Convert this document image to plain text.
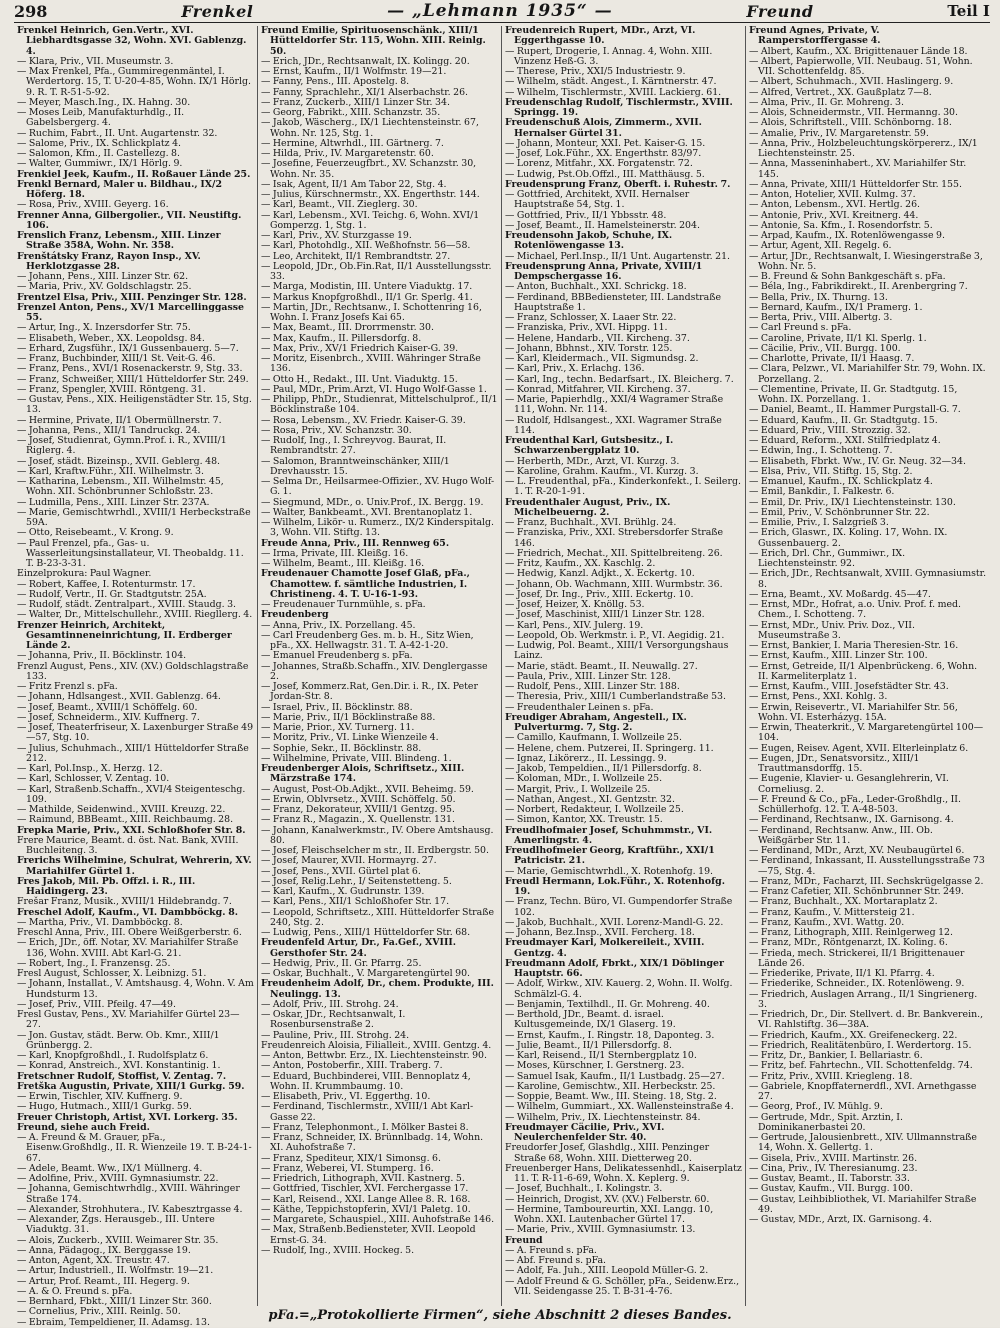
298	Frenkel	— „Lehmann 1935“ —	Freund	Teil I

Frenkel Heinrich, Gen.Vertr., XVI. Liebhardtsgasse 32, Wohn. XVI. Gablenzg. 4.

— Klara, Priv., VII. Museumstr. 3.

— Max Frenkel, Pfa., Gummiregenmäntel, I. Werdertorg. 15, T. U-20-4-85, Wohn. IX/1 Hörlg. 9. R. T. R-51-5-92.

— Meyer, Masch.Ing., IX. Hahng. 30.

— Moses Leib, Manufakturhdlg., II. Gabelsbergerg. 4.

— Ruchim, Fabrt., II. Unt. Augartenstr. 32.

— Salome, Priv., IX. Schlickplatz 4.

— Salomon, Kfm., II. Castellezg. 8.

— Walter, Gummiwr., IX/1 Hörlg. 9.

Frenkiel Jeek, Kaufm., II. Roßauer Lände 25.

Frenkl Bernard, Maler u. Bildhau., IX/2 Höferg. 18.

— Rosa, Priv., XVIII. Geyerg. 16.

Frenner Anna, Gilbergolier., VII. Neustiftg. 106.

Frenslich Franz, Lebensm., XIII. Linzer Straße 358A, Wohn. Nr. 358.

Frenštátsky Franz, Rayon Insp., XV. Herklotzgasse 28.

— Johann, Pens., XIII. Linzer Str. 62.

— Maria, Priv., XV. Goldschlagstr. 25.

Frentzel Elsa, Priv., XIII. Penzinger Str. 128.

Frenzel Anton, Pens., XV/1 Marcellinggasse 55.

— Artur, Ing., X. Inzersdorfer Str. 75.

— Elisabeth, Weber., XX. Leopoldsg. 84.

— Erhard, Zugsführ., IX/1 Gussenbauerg. 5—7.

— Franz, Buchbinder, XIII/1 St. Veit-G. 46.

— Franz, Pens., XVI/1 Rosenackerstr. 9, Stg. 33.

— Franz, Schweißer, XIII/1 Hütteldorfer Str. 249.

— Franz, Spengler, XVIII. Röntgeng. 31.

— Gustav, Pens., XIX. Heiligenstädter Str. 15, Stg. 13.

— Hermine, Private, II/1 Obermüllnerstr. 7.

— Johanna, Pens., XII/1 Tandruckg. 24.

— Josef, Studienrat, Gymn.Prof. i. R., XVIII/1 Riglerg. 4.

— Josef, städt. Bizeinsp., XVII. Geblerg. 48.

— Karl, Kraftw.Führ., XII. Wilhelmstr. 3.

— Katharina, Lebensm., XII. Wilhelmstr. 45, Wohn. XII. Schönbrunner Schloßstr. 23.

— Ludmilla, Pens., XIII. Linzer Str. 237A.

— Marie, Gemischtwrhdl., XVIII/1 Herbeckstraße 59A.

— Otto, Reisebeamt., V. Krong. 9.

— Paul Frenzel, pfa., Gas- u. Wasserleitungsinstallateur, VI. Theobaldg. 11. T. B-23-3-31.

Einzelprokura: Paul Wagner.

— Robert, Kaffee, I. Rotenturmstr. 17.

— Rudolf, Vertr., II. Gr. Stadtgutstr. 25A.

— Rudolf, städt. Zentralpart., XVIII. Staudg. 3.

— Walter, Dr., Mittelschullehr., XVIII. Riegllerg. 4.

Frenzer Heinrich, Architekt, Gesamtinneneinrichtung, II. Erdberger Lände 2.

— Johanna, Priv., II. Böcklinstr. 104.

Frenzl August, Pens., XIV. (XV.) Goldschlagstraße 133.

— Fritz Frenzl s. pFa.

— Johann, Hdlsangest., XVII. Gablenzg. 64.

— Josef, Beamt., XVIII/1 Schöffelg. 60.

— Josef, Schneiderm., XIV. Kuffnerg. 7.

— Josef, Theaterfriseur, X. Laxenburger Straße 49—57, Stg. 10.

— Julius, Schuhmach., XIII/1 Hütteldorfer Straße 212.

— Karl, Pol.Insp., X. Herzg. 12.

— Karl, Schlosser, V. Zentag. 10.

— Karl, Straßenb.Schaffn., XVI/4 Steigenteschg. 109.

— Mathilde, Seidenwind., XVIII. Kreuzg. 22.

— Raimund, BBBeamt., XIII. Reichbaumg. 28.

Frepka Marie, Priv., XXI. Schloßhofer Str. 8.

Frere Maurice, Beamt. d. öst. Nat. Bank, XVIII. Buchleiteng. 3.

Frerichs Wilhelmine, Schulrat, Wehrerin, XV. Mariahilfer Gürtel 1.

Fres Jakob, Mil. Pb. Offzl. i. R., III. Haidingerg. 23.

Frešar Franz, Musik., XVIII/1 Hildebrandg. 7.

Freschel Adolf, Kaufm., VI. Dambböckg. 8.

— Martha, Priv., VI. Dambböckg. 8.

Freschl Anna, Priv., III. Obere Weißgerberstr. 6.

— Erich, JDr., öff. Notar, XV. Mariahilfer Straße 136, Wohn. XVIII. Abt Karl-G. 21.

— Robert, Ing., I. Franzensg. 25.

Fresl August, Schlosser, X. Leibnizg. 51.

— Johann, Installat., V. Amtshausg. 4, Wohn. V. Am Hundsturm 13.

— Josef, Priv., VIII. Pfeilg. 47—49.

Fresl Gustav, Pens., XV. Mariahilfer Gürtel 23—27.

— Jon. Gustav, städt. Berw. Ob. Kmr., XIII/1 Grünbergg. 2.

— Karl, Knopfgroßhdl., I. Rudolfsplatz 6.

— Konrad, Anstreich., XVI. Konstantinig. 1.

Fretschner Rudolf, Stoffist, V. Zentag. 7.

Fretška Augustin, Private, XIII/1 Gurkg. 59.

— Erwin, Tischler, XIV. Kuffnerg. 9.

— Hugo, Hutmach., XIII/1 Gurkg. 59.

Freuer Christoph, Artist, XVI. Lorkerg. 35.

Freund, siehe auch Freid.

— A. Freund & M. Grauer, pFa., Eisenw.Großhdlg., II. R. Wienzeile 19. T. B-24-1-67.

— Adele, Beamt. Ww., IX/1 Müllnerg. 4.

— Adolfine, Priv., XVIII. Gymnasiumstr. 22.

— Johanna, Gemischtwrhdlg., XVIII. Währinger Straße 174.

— Alexander, Strohhutera., IV. Kabesztrgasse 4.

— Alexander, Zgs. Herausgeb., III. Untere Viaduktg. 31.

— Alois, Zuckerb., XVIII. Weimarer Str. 35.

— Anna, Pädagog., IX. Berggasse 19.

— Anton, Agent, XX. Treustr. 47.

— Artur, Industriell., II. Wolfmstr. 19—21.

— Artur, Prof. Reamt., III. Hegerg. 9.

— A. & O. Freund s. pFa.

— Bernhard, Fbkt., XIII/1 Linzer Str. 360.

— Cornelius, Priv., XIII. Reinlg. 50.

— Ebraim, Tempeldiener, II. Adamsg. 13.

Freund Emilie, Spirituosenschänk., XIII/1 Hütteldorfer Str. 115, Wohn. XIII. Reinlg. 50.

— Erich, JDr., Rechtsanwalt, IX. Kolingg. 20.

— Ernst, Kaufm., II/1 Wolfmstr. 19—21.

— Fanny, Pens., III. Apostelg. 8.

— Fanny, Sprachlehr., XI/1 Alserbachstr. 26.

— Franz, Zuckerb., XIII/1 Linzer Str. 34.

— Georg, Fabrikt., XIII. Schanzstr. 35.

— Jakob, Wäscherg., IX/1 Liechtensteinstr. 67, Wohn. Nr. 125, Stg. 1.

— Hermine, Altwrhdl., III. Gärtnerg. 7.

— Hilda, Priv., IV. Margaretenstr. 60.

— Josefine, Feuerzeugfbrt., XV. Schanzstr. 30, Wohn. Nr. 35.

— Isak, Agent, II/1 Am Tabor 22, Stg. 4.

— Julius, Kürschnermstr., XX. Engerthstr. 144.

— Karl, Beamt., VII. Zieglerg. 30.

— Karl, Lebensm., XVI. Teichg. 6, Wohn. XVI/1 Gomperzg. 1, Stg. 1.

— Karl, Priv., XV. Sturzgasse 19.

— Karl, Photohdlg., XII. Weßhofnstr. 56—58.

— Leo, Architekt, II/1 Rembrandtstr. 27.

— Leopold, JDr., Ob.Fin.Rat, II/1 Ausstellungsstr. 33.

— Marga, Modistin, III. Untere Viaduktg. 17.

— Markus Knopfgroßhdl., II/1 Gr. Sperlg. 41.

— Martin, JDr., Rechtsanw., I. Schottenring 16, Wohn. I. Franz Josefs Kai 65.

— Max, Beamt., III. Drorrmenstr. 30.

— Max, Kaufm., II. Pillersdorfg. 8.

— Max, Priv., XV/1 Friedrich Kaiser-G. 39.

— Moritz, Eisenbrch., XVIII. Währinger Straße 136.

— Otto H., Redakt., III. Unt. Viaduktg. 15.

— Paul, MDr., Prim.Arzt, VI. Hugo Wolf-Gasse 1.

— Philipp, PhDr., Studienrat, Mittelschulprof., II/1 Böcklinstraße 104.

— Rosa, Lebensm., XV. Friedr. Kaiser-G. 39.

— Rosa, Priv., XV. Schanzstr. 30.

— Rudolf, Ing., I. Schreyvog. Baurat, II. Rembrandtstr. 27.

— Salomon, Branntweinschänker, XIII/1 Drevhausstr. 15.

— Selma Dr., Heilsarmee-Offizier., XV. Hugo Wolf-G. 1.

— Siegmund, MDr., o. Univ.Prof., IX. Bergg. 19.

— Walter, Bankbeamt., XVI. Brentanoplatz 1.

— Wilhelm, Likör- u. Rumerz., IX/2 Kinderspitalg. 3, Wohn. VII. Stiftg. 13.

Freude Anna, Priv., III. Rennweg 65.

— Irma, Private, III. Kleißg. 16.

— Wilhelm, Beamt., III. Kleißg. 16.

Freudenauer Chamotte Josef Glaß, pFa., Chamottew. f. sämtliche Industrien, I. Christineng. 4. T. U-16-1-93.

— Freudenauer Turnmühle, s. pFa.

Freudenberg

— Anna, Priv., IX. Porzellang. 45.

— Carl Freudenberg Ges. m. b. H., Sitz Wien, pFa., XX. Hellwagstr. 31. T. A-42-1-20.

— Emanuel Freudenberg s. pFa.

— Johannes, Straßb.Schaffn., XIV. Denglergasse 2.

— Josef, Kommerz.Rat, Gen.Dir. i. R., IX. Peter Jordan-Str. 8.

— Israel, Priv., II. Böcklinstr. 88.

— Marie, Priv., II/1 Böcklinstraße 88.

— Marie, Prior., XV. Turnerg. 11.

— Moritz, Priv., VI. Linke Wienzeile 4.

— Sophie, Sekr., II. Böcklinstr. 88.

— Wilhelmine, Private, VIII. Blindeng. 1.

Freudenberger Alois, Schriftsetz., XIII. Märzstraße 174.

— August, Post-Ob.Adjkt., XVII. Beheimg. 59.

— Erwin, Oblvrsetz., XVIII. Schöffelg. 50.

— Franz, Dekorateur, XVIII/1 Gentzg. 95.

— Franz R., Magazin., X. Quellenstr. 131.

— Johann, Kanalwerkmstr., IV. Obere Amtshausg. 80.

— Josef, Fleischselcher m str., II. Erdbergstr. 50.

— Josef, Maurer, XVII. Hormayrg. 27.

— Josef, Pens., XVII. Gürtel plat 6.

— Josef, Relig.Lehr., I/ Seitenstetteng. 5.

— Karl, Kaufm., X. Gudrunstr. 139.

— Karl, Pens., XII/1 Schloßhofer Str. 17.

— Leopold, Schriftsetz., XIII. Hütteldorfer Straße 240, Stg. 2.

— Ludwig, Pens., XIII/1 Hütteldorfer Str. 68.

Freudenfeld Artur, Dr., Fa.Gef., XVIII. Gersthofer Str. 24.

— Hedwig, Priv., II. Gr. Pfarrg. 25.

— Oskar, Buchhalt., V. Margaretengürtel 90.

Freudenheim Adolf, Dr., chem. Produkte, III. Neulingg. 13.

— Adolf, Priv., III. Strohg. 24.

— Oskar, JDr., Rechtsanwalt, I. Rosenbursenstraße 2.

— Pauline, Priv., III. Strohg. 24.

Freudenreich Aloisia, Filialleit., XVIII. Gentzg. 4.

— Anton, Bettwbr. Erz., IX. Liechtensteinstr. 90.

— Anton, Postoberfir., XIII. Traberg. 7.

— Eduard, Buchbinderei, VIII. Bennoplatz 4, Wohn. II. Krummbaumg. 10.

— Elisabeth, Priv., VI. Eggerthg. 10.

— Ferdinand, Tischlermstr., XVIII/1 Abt Karl-Gasse 22.

— Franz, Telephonmont., I. Mölker Bastei 8.

— Franz, Schneider, IX. Brünnlbadg. 14, Wohn. XI. Auhofstraße 7.

— Franz, Spediteur, XIX/1 Simonsg. 6.

— Franz, Weberei, VI. Stumperg. 16.

— Friedrich, Lithograph, XVII. Kastnerg. 5.

— Gottfried, Tischler, XVI. Ferchergasse 17.

— Karl, Reisend., XXI. Lange Allee 8. R. 168.

— Käthe, Teppichstopferin, XVI/1 Paletg. 10.

— Margarete, Schauspiel., XIII. Auhofstraße 146.

— Max, Straßenb.Bediensteter, XVII. Leopold Ernst-G. 34.

— Rudolf, Ing., XVIII. Hockeg. 5.

Freudenreich Rupert, MDr., Arzt, VI. Eggerthgasse 10.

— Rupert, Drogerie, I. Annag. 4, Wohn. XIII. Vinzenz Heß-G. 3.

— Therese, Priv., XXI/5 Industriestr. 9.

— Wilhelm, städt. Angest., I. Kärntnerstr. 47.

— Wilhelm, Tischlermstr., XVIII. Lackierg. 61.

Freudenschlag Rudolf, Tischlermstr., XVIII. Springg. 19.

Freudenschuß Alois, Zimmerm., XVII. Hernalser Gürtel 31.

— Johann, Monteur, XXI. Pet. Kaiser-G. 15.

— Josef, Lok.Führ., XX. Engerthstr. 83/97.

— Lorenz, Mitfahr., XX. Forgatenstr. 72.

— Ludwig, Pst.Ob.Offzl., III. Matthäusg. 5.

Freudensprung Franz, Oberft. i. Ruhestr. 7.

— Gottfried, Architekt, XVII. Hernalser Hauptstraße 54, Stg. 1.

— Gottfried, Priv., II/1 Ybbsstr. 48.

— Josef, Beamt., II. Hamelsteinerstr. 204.

Freudensohn Jakob, Schuhe, IX. Rotenlöwengasse 13.

— Michael, Perl.Insp., II/1 Unt. Augartenstr. 21.

Freudensprung Anna, Private, XVIII/1 Dempschergasse 16.

— Anton, Buchhalt., XXI. Schrickg. 18.

— Ferdinand, BBBediensteter, III. Landstraße Hauptstraße 1.

— Franz, Schlosser, X. Laaer Str. 22.

— Franziska, Priv., XVI. Hippg. 11.

— Helene, Handarb., VII. Kircheng. 37.

— Johann, Bbhnst., XIV. Torstr. 125.

— Karl, Kleidermach., VII. Sigmundsg. 2.

— Karl, Priv., X. Erlachg. 136.

— Karl, Ing., techn. Bedarfsart., IX. Bleicherg. 7.

— Konrad, Mitfahrer, VII. Kircheng. 37.

— Marie, Papierhdlg., XXI/4 Wagramer Straße 111, Wohn. Nr. 114.

— Rudolf, Hdlsangest., XXI. Wagramer Straße 114.

Freudenthal Karl, Gutsbesitz., I. Schwarzenbergplatz 10.

— Herberth, MDr., Arzt, VI. Kurzg. 3.

— Karoline, Grahm. Kaufm., VI. Kurzg. 3.

— L. Freudenthal, pFa., Kinderkonfekt., I. Seilerg. 1. T. R-20-1-91.

Freudenthaler August, Priv., IX. Michelbeuerng. 2.

— Franz, Buchhalt., XVI. Brühlg. 24.

— Franziska, Priv., XXI. Strebersdorfer Straße 146.

— Friedrich, Mechat., XII. Spittelbreiteng. 26.

— Fritz, Kaufm., XX. Kaschlg. 2.

— Hedwig, Kanzl. Adjkt., X. Eckertg. 10.

— Johann, Ob. Wachmann, XIII. Wurmbstr. 36.

— Josef, Dr. Ing., Priv., XIII. Eckertg. 10.

— Josef, Heizer, X. Knöllg. 53.

— Josef, Maschinist, XIII/1 Linzer Str. 128.

— Karl, Pens., XIV. Julerg. 19.

— Leopold, Ob. Werkmstr. i. P., VI. Aegidig. 21.

— Ludwig, Pol. Beamt., XIII/1 Versorgungshaus Lainz.

— Marie, städt. Beamt., II. Neuwallg. 27.

— Paula, Priv., XIII. Linzer Str. 128.

— Rudolf, Pens., XIII. Linzer Str. 188.

— Theresia, Priv., XIII/1 Cumberlandstraße 53.

— Freudenthaler Leinen s. pFa.

Freudiger Abraham, Angestell., IX. Pulverturmg. 7, Stg. 2.

— Camillo, Kaufmann, I. Wollzeile 25.

— Helene, chem. Putzerei, II. Springerg. 11.

— Ignaz, Likörerz., II. Lessingg. 9.

— Jakob, Tempeldien., II/1 Pillersdorfg. 8.

— Koloman, MDr., I. Wollzeile 25.

— Margit, Priv., I. Wollzeile 25.

— Nathan, Angest., XI. Gentzstr. 32.

— Norbert, Redakteur, I. Wollzeile 25.

— Simon, Kantor, XX. Treustr. 15.

Freudlhofmaier Josef, Schuhmmstr., VI. Amerlingstr. 4.

Freudlhofmeier Georg, Kraftführ., XXI/1 Patricistr. 21.

— Marie, Gemischtwrhdl., X. Rotenhofg. 19.

Freudl Hermann, Lok.Führ., X. Rotenhofg. 19.

— Franz, Techn. Büro, VI. Gumpendorfer Straße 102.

— Jakob, Buchhalt., XVII. Lorenz-Mandl-G. 22.

— Johann, Bez.Insp., XVII. Fercherg. 18.

Freudmayer Karl, Molkereileit., XVIII. Gentzg. 4.

Freudmann Adolf, Fbrkt., XIX/1 Döblinger Hauptstr. 66.

— Adolf, Wirkw., XIV. Kauerg. 2, Wohn. II. Wolfg. Schmälzl-G. 4.

— Benjamin, Textilhdl., II. Gr. Mohreng. 40.

— Berthold, JDr., Beamt. d. israel. Kultusgemeinde, IX/1 Glaserg. 19.

— Ernst, Kaufm., I. Ringstr. 18, Daponteg. 3.

— Julie, Beamt., II/1 Pillersdorfg. 8.

— Karl, Reisend., II/1 Sternbergplatz 10.

— Moses, Kürschner, I. Gerstnerg. 23.

— Samuel Isak, Kaufm., II/1 Lustbadg. 25—27.

— Karoline, Gemischtw., XII. Herbeckstr. 25.

— Soppie, Beamt. Ww., III. Steing. 18, Stg. 2.

— Wilhelm, Gummiart., XX. Wallensteinstraße 4.

— Wilhelm, Priv., IX. Liechtensteinstr. 84.

Freudmayer Cäcilie, Priv., XVI. Neulerchenfelder Str. 40.

Freudorfer Josef, Glashdlg., XIII. Penzinger Straße 68, Wohn. XIII. Dietterweg 20.

Freuenberger Hans, Delikatessenhdl., Kaiserplatz 11. T. R-11-6-69, Wohn. X. Keplerg. 9.

— Josef, Buchhalt., I. Kolingstr. 3.

— Heinrich, Drogist, XV. (XV.) Felberstr. 60.

— Hermine, Tamboureurtin, XXI. Langg. 10, Wohn. XXI. Lautenbacher Gürtel 17.

— Marie, Priv., XVIII. Gymnasiumstr. 13.

Freund

— A. Freund s. pFa.

— Abf. Freund s. pFa.

— Adolf, Fa. Juh., XIII. Leopold Müller-G. 2.

— Adolf Freund & G. Schöller, pFa., Seidenw.Erz., VII. Seidengasse 25. T. B-31-4-76.

Freund Agnes, Private, V. Ramperstorffergasse 4.

— Albert, Kaufm., XX. Brigittenauer Lände 18.

— Albert, Papierwolle, VII. Neubaug. 51, Wohn. VII. Schottenfeldg. 85.

— Albert, Schuhmach., XVII. Haslingerg. 9.

— Alfred, Vertret., XX. Gaußplatz 7—8.

— Alma, Priv., II. Gr. Mohreng. 3.

— Alois, Schneidermstr., VII. Hermanng. 30.

— Alois, Schriftstell., VIII. Schönborng. 18.

— Amalie, Priv., IV. Margaretenstr. 59.

— Anna, Priv., Holzbeleuchtungskörpererz., IX/1 Liechtensteinstr. 25.

— Anna, Masseninhabert., XV. Mariahilfer Str. 145.

— Anna, Private, XIII/1 Hütteldorfer Str. 155.

— Anton, Hotelier, XVII. Kulmg. 37.

— Anton, Lebensm., XVI. Hertlg. 26.

— Antonie, Priv., XVI. Kreitnerg. 44.

— Antonie, Sa. Kfm., I. Rosendorfstr. 5.

— Arpad, Kaufm., IX. Rotenlöwengasse 9.

— Artur, Agent, XII. Regelg. 6.

— Artur, JDr., Rechtsanwalt, I. Wiesingerstraße 3, Wohn. Nr. 5.

— B. Freund & Sohn Bankgeschäft s. pFa.

— Béla, Ing., Fabrikdirekt., II. Arenbergring 7.

— Bella, Priv., IX. Thurng. 13.

— Bernard, Kaufm., IX/1 Pramerg. 1.

— Berta, Priv., VIII. Albertg. 3.

— Carl Freund s. pFa.

— Caroline, Private, II/1 Kl. Sperlg. 1.

— Cäcilie, Priv., VII. Burgg. 100.

— Charlotte, Private, II/1 Haasg. 7.

— Clara, Pelzwr., VI. Mariahilfer Str. 79, Wohn. IX. Porzellang. 2.

— Clementine, Private, II. Gr. Stadtgutg. 15, Wohn. IX. Porzellang. 1.

— Daniel, Beamt., II. Hammer Purgstall-G. 7.

— Eduard, Kaufm., II. Gr. Stadtgutg. 15.

— Eduard, Priv., VIII. Strozzig. 32.

— Eduard, Reform., XXI. Stilfriedplatz 4.

— Edwin, Ing., I. Schotteng. 7.

— Elisabeth, Fbrkt. Ww., IV. Gr. Neug. 32—34.

— Elsa, Priv., VII. Stiftg. 15, Stg. 2.

— Emanuel, Kaufm., IX. Schlickplatz 4.

— Emil, Bankdir., I. Falkestr. 6.

— Emil, Dr. Priv., IX/1 Liechtensteinstr. 130.

— Emil, Priv., V. Schönbrunner Str. 22.

— Emilie, Priv., I. Salzgrieß 3.

— Erich, Glaswr., IX. Koling. 17, Wohn. IX. Gussenbauerg. 2.

— Erich, Drl. Chr., Gummiwr., IX. Liechtensteinstr. 92.

— Erich, JDr., Rechtsanwalt, XVIII. Gymnasiumstr. 8.

— Erna, Beamt., XV. Moßardg. 45—47.

— Ernst, MDr., Hofrat, a.o. Univ. Prof. f. med. Chem., I. Schotteng. 7.

— Ernst, MDr., Univ. Priv. Doz., VII. Museumstraße 3.

— Ernst, Bankier, I. Maria Theresien-Str. 16.

— Ernst, Kaufm., XIII. Linzer Str. 100.

— Ernst, Getreide, II/1 Alpenbrückeng. 6, Wohn. II. Karmeliterplatz 1.

— Ernst, Kaufm., VIII. Josefstädter Str. 43.

— Ernst, Pens., XXI. Kohlg. 3.

— Erwin, Reisevertr., VI. Mariahilfer Str. 56, Wohn. VI. Esterházyg. 15A.

— Erwin, Theaterkrit., V. Margaretengürtel 100—104.

— Eugen, Reisev. Agent, XVII. Elterleinplatz 6.

— Eugen, JDr., Senatsvorsitz., XIII/1 Trauttmansdorffg. 15.

— Eugenie, Klavier- u. Gesanglehrerin, VI. Corneliusg. 2.

— F. Freund & Co., pFa., Leder-Großhdlg., II. Schüllerhofg. 12. T. A-48-503.

— Ferdinand, Rechtsanw., IX. Garnisong. 4.

— Ferdinand, Rechtsanw. Anw., III. Ob. Weißgärber Str. 11.

— Ferdinand, MDr., Arzt, XV. Neubaugürtel 6.

— Ferdinand, Inkassant, II. Ausstellungsstraße 73—75, Stg. 4.

— Franz, MDr., Facharzt, III. Sechskrügelgasse 2.

— Franz Cafetier, XII. Schönbrunner Str. 249.

— Franz, Buchhalt., XX. Mortaraplatz 2.

— Franz, Kaufm., V. Mittersteig 21.

— Franz, Kaufm., XVI. Wattg. 20.

— Franz, Lithograph, XIII. Reinlgerweg 12.

— Franz, MDr., Röntgenarzt, IX. Koling. 6.

— Frieda, mech. Strickerei, II/1 Brigittenauer Lände 26.

— Friederike, Private, II/1 Kl. Pfarrg. 4.

— Friederike, Schneider., IX. Rotenlöweng. 9.

— Friedrich, Auslagen Arrang., II/1 Singrienerg. 3.

— Friedrich, Dr., Dir. Stellvert. d. Br. Bankverein., VI. Rahlstiftg. 36—38A.

— Friedrich, Kaufm., XX. Greifeneckerg. 22.

— Friedrich, Realitätenbüro, I. Werdertorg. 15.

— Fritz, Dr., Bankier, I. Bellariastr. 6.

— Fritz, bef. Fahrtechn., VII. Schottenfeldg. 74.

— Fritz, Priv., XVIII. Kriegleng. 18.

— Gabriele, Knopffaternerdfl., XVI. Arnethgasse 27.

— Georg, Prof., IV. Mühlg. 9.

— Gertrude, Mdr., Spit. Arztin, I. Dominikanerbastei 20.

— Gertrude, Jalousienbrett., XIV. Ullmannstraße 14, Wohn. X. Gellertg. 1.

— Gisela, Priv., XVIII. Martinstr. 26.

— Cina, Priv., IV. Theresianumg. 23.

— Gustav, Beamt., II. Taborstr. 33.

— Gustav, Kaufm., VII. Burgg. 100.

— Gustav, Leihbibliothek, VI. Mariahilfer Straße 49.

— Gustav, MDr., Arzt, IX. Garnisong. 4.

pFa.=„Protokollierte Firmen“, siehe Abschnitt 2 dieses Bandes.
